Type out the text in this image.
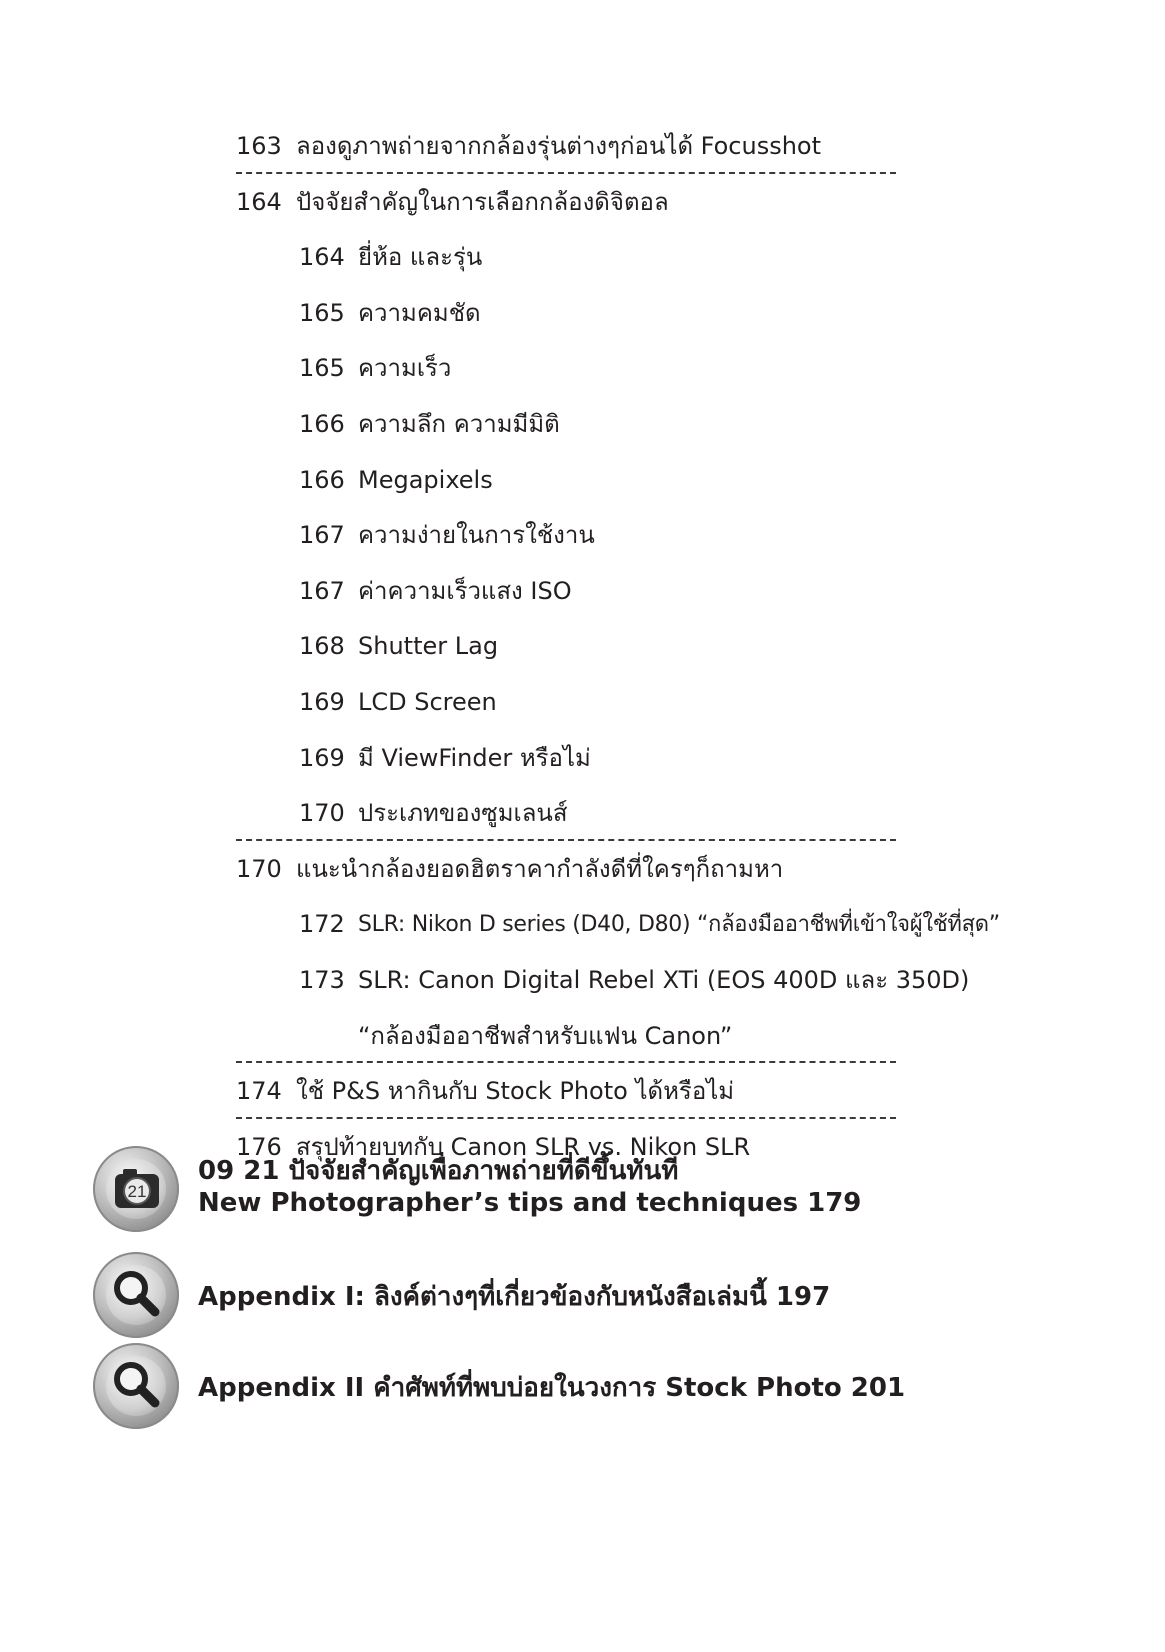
163 ลองดูภาพถ่ายจากกล้องรุ่นต่างๆก่อนได้ Focusshot
164 ปัจจัยสำคัญในการเลือกกล้องดิจิตอล
164 ยี่ห้อ และรุ่น
165 ความคมชัด
165 ความเร็ว
166 ความลึก ความมีมิติ
166 Megapixels
167 ความง่ายในการใช้งาน
167 ค่าความเร็วแสง ISO
168 Shutter Lag
169 LCD Screen
169 มี ViewFinder หรือไม่
170 ประเภทของซูมเลนส์
170 แนะนำกล้องยอดฮิตราคากำลังดีที่ใครๆก็ถามหา
172 SLR: Nikon D series (D40, D80) “กล้องมืออาชีพที่เข้าใจผู้ใช้ที่สุด”
173 SLR: Canon Digital Rebel XTi (EOS 400D และ 350D)
“กล้องมืออาชีพสำหรับแฟน Canon”
174 ใช้ P&S หากินกับ Stock Photo ได้หรือไม่
176 สรุปท้ายบทกับ Canon SLR vs. Nikon SLR
21
09 21 ปัจจัยสำคัญเพื่อภาพถ่ายที่ดีขึ้นทันที
New Photographer’s tips and techniques 179
Appendix I: ลิงค์ต่างๆที่เกี่ยวข้องกับหนังสือเล่มนี้ 197
Appendix II คำศัพท์ที่พบบ่อยในวงการ Stock Photo 201
